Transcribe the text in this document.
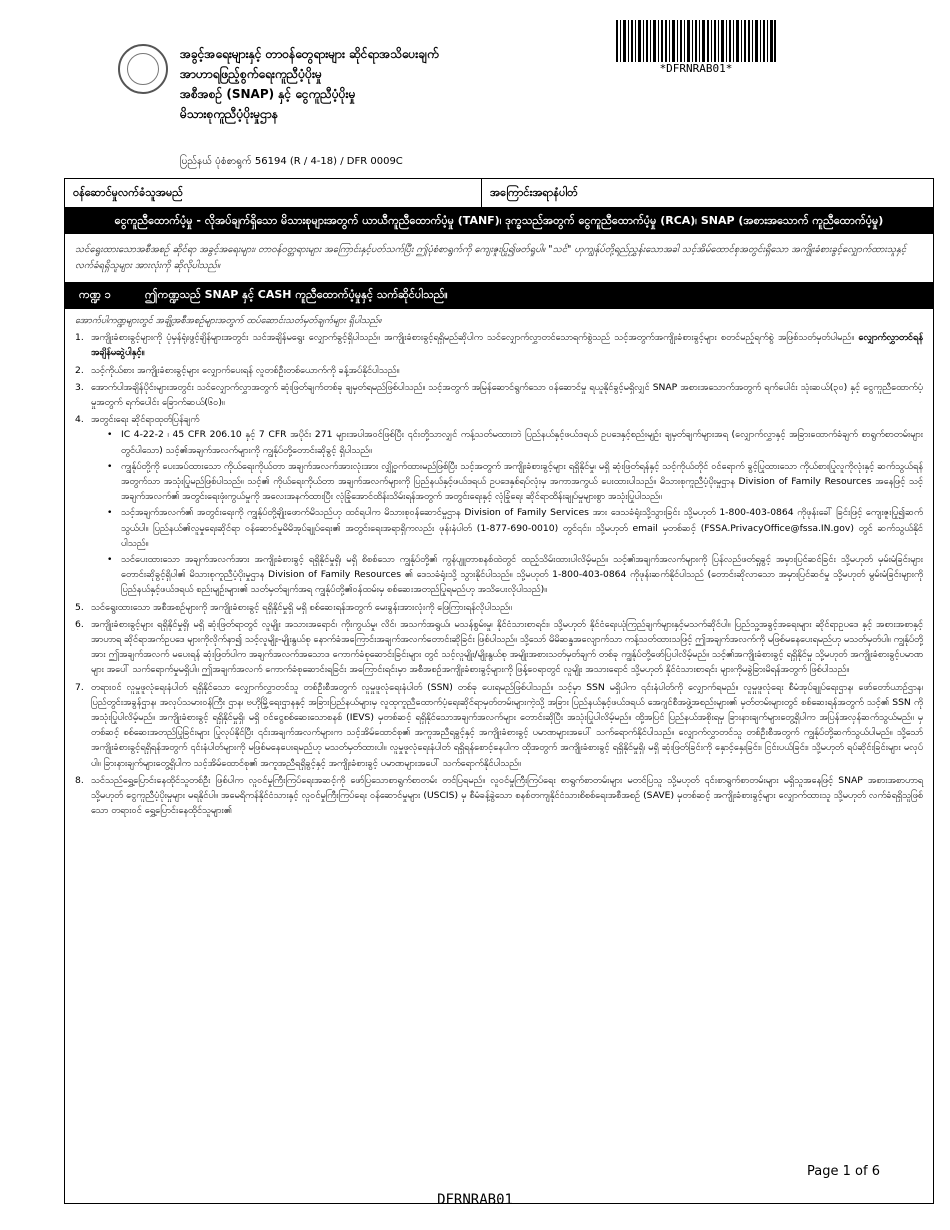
အခွင့်အရေးများနှင့် တာဝန်တွေရားများ ဆိုင်ရာအသိပေးချက်
အာဟာရဖြည့်စွက်ရေးကူညီပံ့ပိုးမှု
အစီအစဉ် (SNAP) နှင့် ငွေကူညီပံ့ပိုးမှု
မိသားစုကူညီပံ့ပိုးမှုဌာန
ပြည်နယ် ပုံစံစာရွက် 56194 (R / 4-18) / DFR 0009C
*DFRNRAB01*
ဝန်ဆောင်မှုလက်ခံသူအမည်	အကြောင်းအရာနံပါတ်
ငွေကူညီထောက်ပံ့မှု - လိုအပ်ချက်ရှိသော မိသားစုများအတွက် ယာယီကူညီထောက်ပံ့မှု (TANF)၊ ဒုက္ခသည်အတွက် ငွေကူညီထောက်ပံ့မှု (RCA)၊ SNAP (အစားအသောက် ကူညီထောက်ပံ့မှု)
သင်ရွေးထားသောအစီအစဉ် ဆိုင်ရာ အခွင့်အရေးများ၊ တာဝန်ဝတ္တရားများ အကြောင်းနှင့်ပတ်သက်ပြီး ဤပုံစံစာရွက်ကို ကျေးဇူးပြု၍ဖတ်ရှုပါ။ "သင်" ဟုကျွန်ုပ်တို့ရည်ညွှန်းသောအခါ သင့်အိမ်ထောင်စုအတွင်းရှိသော အကျိုးခံစားခွင့်လျှောက်ထားသူနှင့် လက်ခံရရှိသူများ အားလုံးကို ဆိုလိုပါသည်။
ကဏ္ဍ ၁	ဤကဏ္ဍသည် SNAP နှင့် CASH ကူညီထောက်ပံ့မှုနှင့် သက်ဆိုင်ပါသည်။
အောက်ပါကဏ္ဍများတွင် အချို့အစီအစဉ်များအတွက် ထပ်ဆောင်းသတ်မှတ်ချက်များ ရှိပါသည်။
1. အကျိုးခံစားခွင့်များကို ပုံမှန်ရုံးဖွင့်ချိန်များအတွင်း သင်အချိန်မရွေး လျှောက်ခွင့်ရှိပါသည်။ အကျိုးခံစားခွင့်ရရှိမည်ဆိုပါက သင်လျှောက်လွှာတင်သောရက်စွဲသည် သင့်အတွက်အကျိုးခံစားခွင့်များ စတင်မည့်ရက်စွဲ အဖြစ်သတ်မှတ်ပါမည်။ လျှောက်လွှာတင်ရန် အချိန်မဆွဲပါနှင့်။
2. သင့်ကိုယ်စား အကျိုးခံစားခွင့်များ လျှောက်ပေးရန် လူတစ်ဦးတစ်ယောက်ကို ခန့်အပ်နိုင်ပါသည်။
3. အောက်ပါအချိန်ပိုင်းများအတွင်း သင်လျှောက်လွှာအတွက် ဆုံးဖြတ်ချက်တစ်ခု ချမှတ်ရမည်ဖြစ်ပါသည်။ သင့်အတွက် အမြန်ဆောင်ရွက်သော ဝန်ဆောင်မှု ရယူနိုင်ခွင့်မရှိလျှင် SNAP အစားအသောက်အတွက် ရက်ပေါင်း သုံးဆယ်(၃၀) နှင့် ငွေကူညီထောက်ပံ့မှုအတွက် ရက်ပေါင်း ခြောက်ဆယ်(၆၀)။
4. အတွင်းရေး ဆိုင်ရာထုတ်ပြန်ချက်
• IC 4-22-2 ၊ 45 CFR 206.10 နှင့် 7 CFR အပိုင်း 271 များအပါအဝင်ဖြစ်ပြီး ၎င်းတို့သာလျှင် ကန့်သတ်မထားဘဲ ပြည်နယ်နှင့်ဖယ်ဒရယ် ဥပဒေနှင့်စည်းမျဉ်း ချမှတ်ချက်များအရ (လျှောက်လွှာနှင့် အခြားထောက်ခံချက် စာရွက်စာတမ်းများ တွင်ပါသော) သင့်၏အချက်အလက်များကို ကျွန်ုပ်တို့တောင်းဆိုခွင့် ရှိပါသည်။
• ကျွန်ုပ်တို့ကို ပေးအပ်ထားသော ကိုယ်ရေးကိုယ်တာ အချက်အလက်အားလုံးအား လျှို့ဝှက်ထားမည်ဖြစ်ပြီး သင့်အတွက် အကျိုးခံစားခွင့်များ ရရှိနိုင်မှု၊ မရှိ ဆုံးဖြတ်ရန်နှင့် သင့်ကိုယ်တိုင် ဝင်ရောက် ခွင့်ပြုထားသော ကိုယ်စားပြုလူကိုလုံးနှင့် ဆက်သွယ်ရန် အတွက်သာ အသုံးပြုမည်ဖြစ်ပါသည်။ သင့်၏ ကိုယ်ရေးကိုယ်တာ အချက်အလက်များကို ပြည်နယ်နှင့်ဖယ်ဒရယ် ဥပဒေနှစ်ရပ်လုံးမှ အကာအကွယ် ပေးထားပါသည်။ မိသားစုကူညီပံ့ပိုးမှုဌာန Division of Family Resources အနေဖြင့် သင့်အချက်အလက်၏ အတွင်းရေးဖုံးကွယ်မှုကို အလေးအနက်ထားပြီး လုံခြုံအောင်ထိန်းသိမ်းရန်အတွက် အတွင်းရေးနှင့် လုံခြုံရေး ဆိုင်ရာထိန်းချုပ်မှုများစွာ အသုံးပြုပါသည်။
• သင့်အချက်အလက်၏ အတွင်းရေးကို ကျွန်ုပ်တို့ချိုးဖောက်မိသည်ဟု ထင်ရပါက မိသားစုဝန်ဆောင်မှုဌာန Division of Family Services အား ဒေသခံရုံးသို့သွားခြင်း သို့မဟုတ် 1-800-403-0864 ကိုဖုန်းခေါ် ခြင်းဖြင့် ကျေးဇူးပြု၍ဆက်သွယ်ပါ။ ပြည်နယ်၏လူမှုရေးဆိုင်ရာ ဝန်ဆောင်မှုမိမိအုပ်ချုပ်ရေး၏ အတွင်းရေးအရာရှိကလည်း ဖုန်းနံပါတ် (1-877-690-0010) တွင်၎င်း၊ သို့မဟုတ် email မှတစ်ဆင့် (FSSA.PrivacyOffice@fssa.IN.gov) တွင် ဆက်သွယ်နိုင်ပါသည်။
• သင်ပေးထားသော အချက်အလက်အား အကျိုးခံစားခွင့် ရရှိနိုင်မှုရှိ၊ မရှိ စိစစ်သော ကျွန်ုပ်တို့၏ ကွန်ပျူတာစနစ်ထဲတွင် ထည့်သိမ်းထားပါလိမ့်မည်။ သင့်၏အချက်အလက်များကို ပြန်လည်ဖတ်ရှုခွင့် အမှားပြင်ဆင်ခြင်း သို့မဟုတ် မှမ်းမံခြင်းများ တောင်းဆိုခွင့်ရှိပါ၏ မိသားစုကူညီပံ့ပိုးမှုဌာန Division of Family Resources ၏ ဒေသခံရုံးသို့ သွားနိုင်ပါသည်။ သို့မဟုတ် 1-800-403-0864 ကိုဖုန်းဆက်နိုင်ပါသည် (တောင်းဆိုလာသော အမှားပြင်ဆင်မှု သို့မဟုတ် မွမ်းမံခြင်းများကို ပြည်နယ်နှင့်ဖယ်ဒရယ် စည်းမျဉ်းများ၏ သတ်မှတ်ချက်အရ ကျွန်ုပ်တို့၏ဝန်ထမ်းမှ စစ်ဆေးအတည်ပြုရမည်ဟု အသိပေးလိုပါသည်)။
5. သင်ရွေးထားသော အစီအစဉ်များကို အကျိုးခံစားခွင့် ရရှိနိုင်မှုရှိ မရှိ စစ်ဆေးရန်အတွက် မေးခွန်းအားလုံးကို ဖြေကြားရန်လိုပါသည်။
6. အကျိုးခံစားခွင့်များ ရရှိနိုင်မှုရှိ၊ မရှိ ဆုံးဖြတ်ရာတွင် လူမျိုး အသားအရောင်၊ ကိုးကွယ်မှု၊ လိင်၊ အသက်အရွယ်၊ မသန်စွမ်းမှု၊ နိုင်ငံသားစာရင်း၊ သို့မဟုတ် နိုင်ငံရေးယုံကြည်ချက်များနှင့်မသက်ဆိုင်ပါ။ ပြည်သူ့အခွင့်အရေးများ ဆိုင်ရာဥပဒေ နှင့် အစားအစာနှင့်အာဟာရ ဆိုင်ရာအက်ဥပဒေ များကိုလိုက်နာ၍ သင့်လူမျိုး-မျိုးနွယ်စု နောက်ခံအကြောင်းအချက်အလက်တောင်းဆိုခြင်း ဖြစ်ပါသည်။ သို့သော် မိမိဆန္ဒအလျောက်သာ ကန့်သတ်ထားသဖြင့် ဤအချက်အလက်ကို မဖြစ်မနေပေးရမည်ဟု မသတ်မှတ်ပါ။ ကျွန်ုပ်တို့အား ဤအချက်အလက် မပေးရန် ဆုံးဖြတ်ပါက အချက်အလက်အသောဒ ကောက်ခံစုဆောင်းခြင်းများ တွင် သင့်လူမျိုး/မျိုးနွယ်စု အမျိုးအစားသတ်မှတ်ချက် တစ်ခု ကျွန်ုပ်တို့ဖော်ပြပါလိမ့်မည်။ သင့်၏အကျိုးခံစားခွင့် ရရှိနိုင်မှု သို့မဟုတ် အကျိုးခံစားခွင့်ပမာဏများ အပေါ် သက်ရောက်မှုမရှိပါ။ ဤအချက်အလက် ကောက်ခံစုဆောင်းရခြင်း အကြောင်းရင်းမှာ အစီအစဉ်အကျိုးခံစားခွင့်များကို ဖြန့်ဝေရာတွင် လူမျိုး အသားရောင် သို့မဟုတ် နိုင်ငံသားစာရင်း များကိုမခွဲခြားမိရန်အတွက် ဖြစ်ပါသည်။
7. တရားဝင် လူမှုဖူလုံရေးနံပါတ် ရရှိနိုင်သော လျှောက်လွှာတင်သူ တစ်ဦးစီအတွက် လူမှုဖူလုံရေးနံပါတ် (SSN) တစ်ခု ပေးရမည်ဖြစ်ပါသည်။ သင့်မှာ SSN မရှိပါက ၎င်းနံပါတ်ကို လျှောက်ရမည်။ လူမှုဖူလုံရေး စီမံအုပ်ချုပ်ရေးဌာန၊ ဖော်တော်ယာဉ်ဌာန၊ ပြည်တွင်းအခွန်ဌာန၊ အလုပ်သမားဝန်ကြီး ဌာန၊ ဗဟိုမြို့ရေးဌာနနှင့် အခြားပြည်နယ်များမှ လူထုကူညီထောက်ပံ့ရေးဆိုင်ရာမှတ်တမ်းများကဲ့သို့ အခြား ပြည်နယ်နှင့်ဖယ်ဒရယ် အေဂျင်စီအဖွဲ့အစည်းများ၏ မှတ်တမ်းများတွင် စစ်ဆေးရန်အတွက် သင့်၏ SSN ကို အသုံးပြုပါလိမ့်မည်။ အကျိုးခံစားခွင့် ရရှိနိုင်မှုရှိ၊ မရှိ ဝင်ငွေစစ်ဆေးသောစနစ် (IEVS) မှတစ်ဆင့် ရရှိနိုင်သောအချက်အလက်များ တောင်းဆိုပြီး အသုံးပြုပါလိမ့်မည်။ ထို့အပြင် ပြည်နယ်အစိုးရမှ ခြားနားချက်များတွေ့ရှိပါက အပြန်အလှန်ဆက်သွယ်မည်။ မှတစ်ဆင့် စစ်ဆေးအတည်ပြုခြင်းများ ပြုလုပ်နိုင်ပြီး ၎င်းအချက်အလက်များက သင့်အိမ်ထောင်စု၏ အကူအညီရခွင့်နှင့် အကျိုးခံစားခွင့် ပမာဏများအပေါ် သက်ရောက်နိုင်ပါသည်။ လျှောက်လွှာတင်သူ တစ်ဦးစီအတွက် ကျွန်ုပ်တို့ဆက်သွယ်ပါမည်။ သို့သော် အကျိုးခံစားခွင့်ရရှိရန်အတွက် ၎င်းနံပါတ်များကို မဖြစ်မနေပေးရမည်ဟု မသတ်မှတ်ထားပါ။ လူမှုဖူလုံရေးနံပါတ် ရရှိရန်စောင့်နေပါက ထိုအတွက် အကျိုးခံစားခွင့် ရရှိနိုင်မှုရှိ၊ မရှိ ဆုံးဖြတ်ခြင်းကို နှောင့်နှေးခြင်း၊ ငြင်းပယ်ခြင်း၊ သို့မဟုတ် ရပ်ဆိုင်းခြင်းများ မလုပ်ပါ။ ခြားနားချက်များတွေ့ရှိပါက သင့်အိမ်ထောင်စု၏ အကူအညီရရှိခွင့်နှင့် အကျိုးခံစားခွင့် ပမာဏများအပေါ် သက်ရောက်နိုင်ပါသည်။
8. သင်သည်ရွှေ့ပြောင်းနေထိုင်သူတစ်ဦး ဖြစ်ပါက လူဝင်မှုကြီးကြပ်ရေးအဆင့်ကို ဖော်ပြသောစာရွက်စာတမ်း တင်ပြရမည်။ လူဝင်မှုကြီးကြပ်ရေး စာရွက်စာတမ်းများ မတင်ပြသူ သို့မဟုတ် ၎င်းစာရွက်စာတမ်းများ မရှိသူအနေဖြင့် SNAP အစားအစာဟာရ သို့မဟုတ် ငွေကူညီပံ့ပိုးမှုများ မရနိုင်ပါ။ အမေရိကန်နိုင်ငံသားနှင့် လူဝင်မှုကြီးကြပ်ရေး ဝန်ဆောင်မှုများ (USCIS) မှ စီမံခန့်ခွဲသော စနစ်တကျနိုင်ငံသားစိစစ်ရေးအစီအစဉ် (SAVE) မှတစ်ဆင့် အကျိုးခံစားခွင့်များ လျှောက်ထားသူ သို့မဟုတ် လက်ခံရရှိသူဖြစ်သော တရားဝင် ရွှေ့ပြောင်းနေထိုင်သူများ၏
Page 1 of 6
DFRNRAB01
